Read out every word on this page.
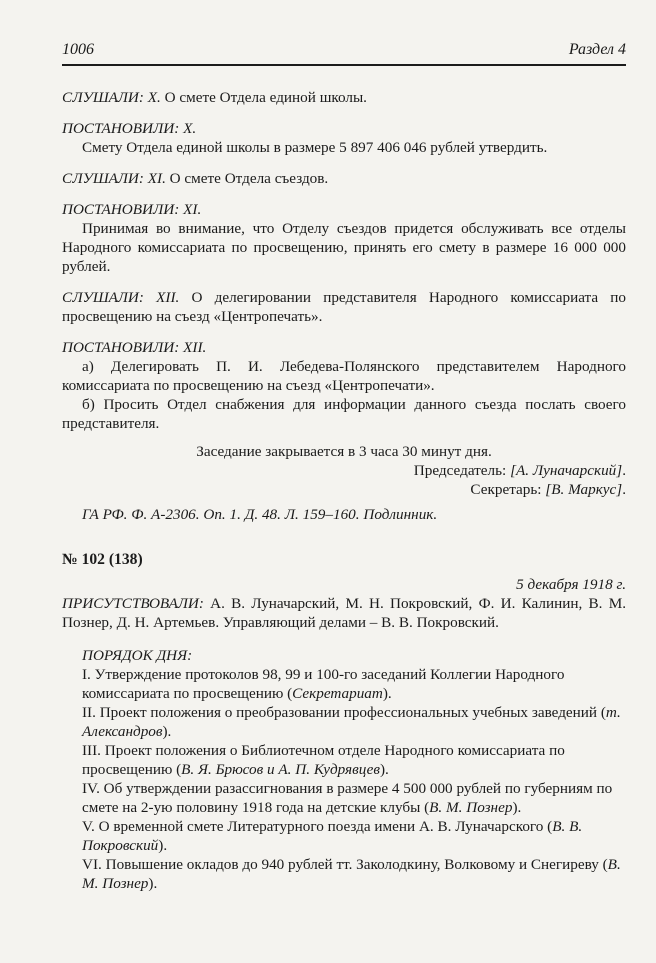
1006	Раздел 4

СЛУШАЛИ: Х. О смете Отдела единой школы.

ПОСТАНОВИЛИ: Х.

Смету Отдела единой школы в размере 5 897 406 046 рублей утвердить.

СЛУШАЛИ: XI. О смете Отдела съездов.

ПОСТАНОВИЛИ: XI.

Принимая во внимание, что Отделу съездов придется обслуживать все отделы Народного комиссариата по просвещению, принять его смету в размере 16 000 000 рублей.

СЛУШАЛИ: XII. О делегировании представителя Народного комиссариата по просвещению на съезд «Центропечать».

ПОСТАНОВИЛИ: XII.

а) Делегировать П. И. Лебедева-Полянского представителем Народного комиссариата по просвещению на съезд «Центропечати».

б) Просить Отдел снабжения для информации данного съезда послать своего представителя.

Заседание закрывается в 3 часа 30 минут дня.

Председатель: [А. Луначарский].

Секретарь: [В. Маркус].

ГА РФ. Ф. А-2306. Оп. 1. Д. 48. Л. 159–160. Подлинник.

№ 102 (138)

5 декабря 1918 г.

ПРИСУТСТВОВАЛИ: А. В. Луначарский, М. Н. Покровский, Ф. И. Калинин, В. М. Познер, Д. Н. Артемьев. Управляющий делами – В. В. Покровский.

ПОРЯДОК ДНЯ:

I. Утверждение протоколов 98, 99 и 100-го заседаний Коллегии Народного комиссариата по просвещению (Секретариат).

II. Проект положения о преобразовании профессиональных учебных заведений (т. Александров).

III. Проект положения о Библиотечном отделе Народного комиссариата по просвещению (В. Я. Брюсов и А. П. Кудрявцев).

IV. Об утверждении разассигнования в размере 4 500 000 рублей по губерниям по смете на 2-ую половину 1918 года на детские клубы (В. М. Познер).

V. О временной смете Литературного поезда имени А. В. Луначарского (В. В. Покровский).

VI. Повышение окладов до 940 рублей тт. Заколодкину, Волковому и Снегиреву (В. М. Познер).
